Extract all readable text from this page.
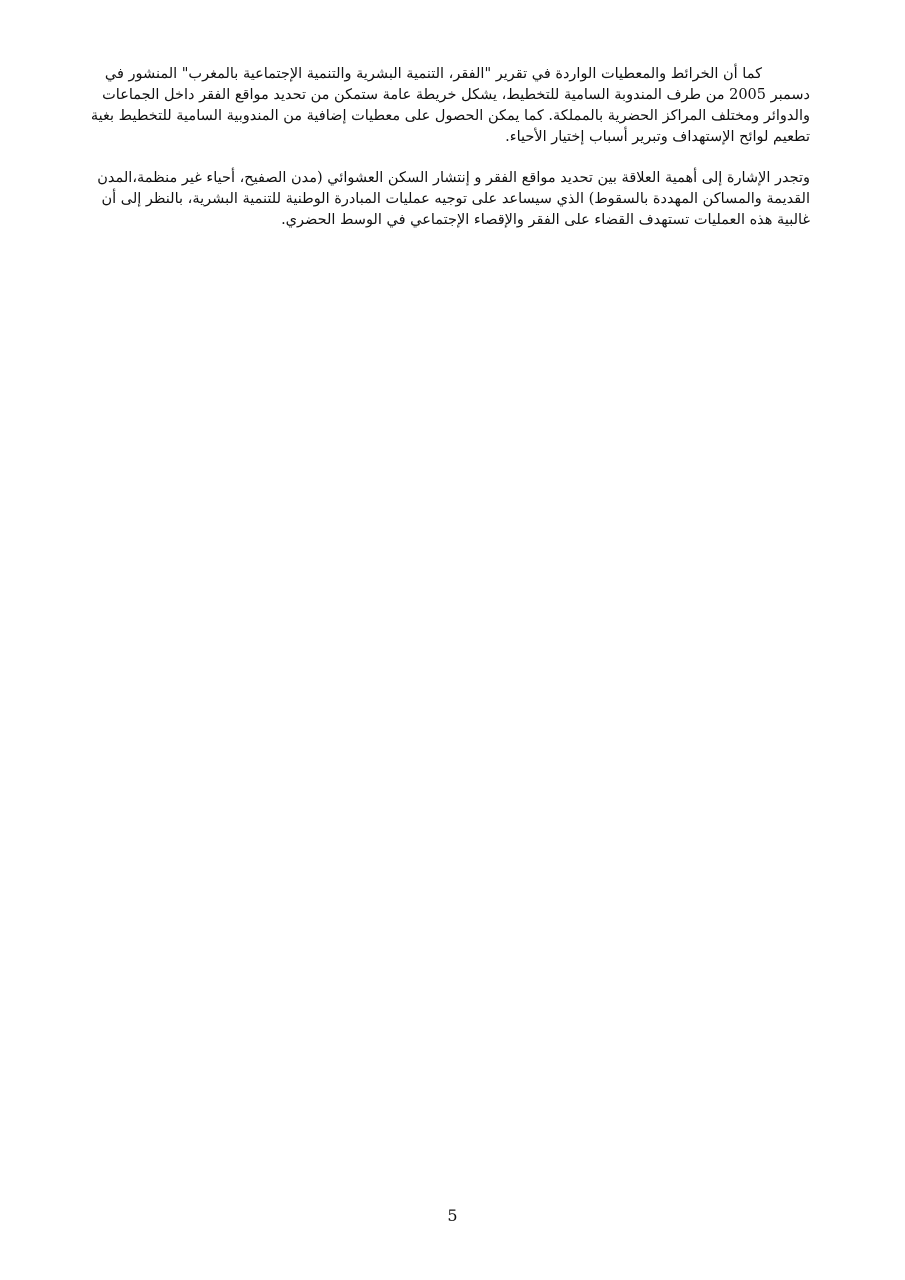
كما أن الخرائط والمعطيات الواردة في تقرير "الفقر، التنمية البشرية والتنمية الإجتماعية بالمغرب" المنشور في دسمبر 2005 من طرف المندوبة السامية للتخطيط، يشكل خريطة عامة ستمكن من تحديد مواقع الفقر داخل الجماعات والدوائر ومختلف المراكز الحضرية بالمملكة. كما يمكن الحصول على معطيات إضافية من المندوبية السامية للتخطيط بغية تطعيم لوائح الإستهداف وتبرير أسباب إختيار الأحياء.

وتجدر الإشارة إلى أهمية العلاقة بين تحديد مواقع الفقر و إنتشار السكن العشوائي (مدن الصفيح، أحياء غير منظمة،المدن القديمة والمساكن المهددة بالسقوط) الذي سيساعد على توجيه عمليات المبادرة الوطنية للتنمية البشرية، بالنظر إلى أن غالبية هذه العمليات تستهدف القضاء على الفقر والإقصاء الإجتماعي في الوسط الحضري.

5
